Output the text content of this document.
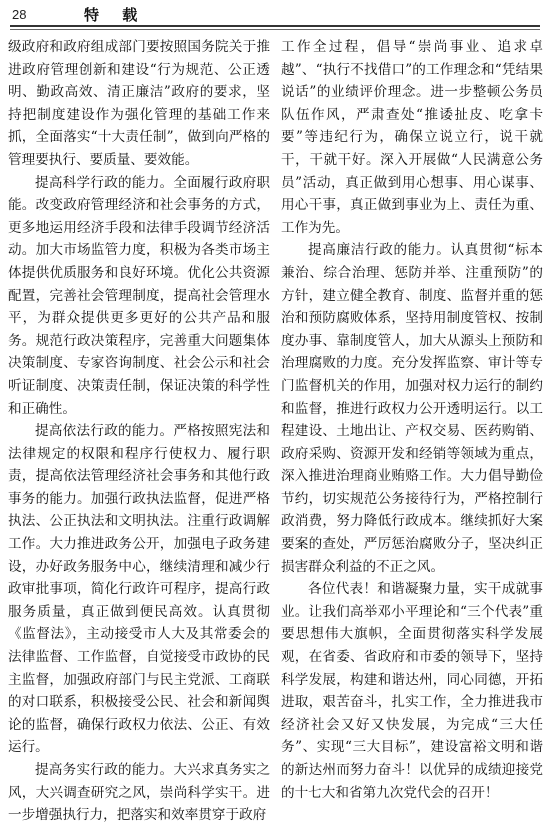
28	特 载

级政府和政府组成部门要按照国务院关于推进政府管理创新和建设“行为规范、公正透明、勤政高效、清正廉洁”政府的要求，坚持把制度建设作为强化管理的基础工作来抓，全面落实“十大责任制”，做到向严格的管理要执行、要质量、要效能。

提高科学行政的能力。全面履行政府职能。改变政府管理经济和社会事务的方式，更多地运用经济手段和法律手段调节经济活动。加大市场监管力度，积极为各类市场主体提供优质服务和良好环境。优化公共资源配置，完善社会管理制度，提高社会管理水平，为群众提供更多更好的公共产品和服务。规范行政决策程序，完善重大问题集体决策制度、专家咨询制度、社会公示和社会听证制度、决策责任制，保证决策的科学性和正确性。

提高依法行政的能力。严格按照宪法和法律规定的权限和程序行使权力、履行职责，提高依法管理经济社会事务和其他行政事务的能力。加强行政执法监督，促进严格执法、公正执法和文明执法。注重行政调解工作。大力推进政务公开，加强电子政务建设，办好政务服务中心，继续清理和减少行政审批事项，简化行政许可程序，提高行政服务质量，真正做到便民高效。认真贯彻《监督法》，主动接受市人大及其常委会的法律监督、工作监督，自觉接受市政协的民主监督，加强政府部门与民主党派、工商联的对口联系，积极接受公民、社会和新闻舆论的监督，确保行政权力依法、公正、有效运行。

提高务实行政的能力。大兴求真务实之风，大兴调查研究之风，崇尚科学实干。进一步增强执行力，把落实和效率贯穿于政府

工作全过程，倡导“崇尚事业、追求卓越”、“执行不找借口”的工作理念和“凭结果说话”的业绩评价理念。进一步整顿公务员队伍作风，严肃查处“推诿扯皮、吃拿卡要”等违纪行为，确保立说立行，说干就干，干就干好。深入开展做“人民满意公务员”活动，真正做到用心想事、用心谋事、用心干事，真正做到事业为上、责任为重、工作为先。

提高廉洁行政的能力。认真贯彻“标本兼治、综合治理、惩防并举、注重预防”的方针，建立健全教育、制度、监督并重的惩治和预防腐败体系，坚持用制度管权、按制度办事、靠制度管人，加大从源头上预防和治理腐败的力度。充分发挥监察、审计等专门监督机关的作用，加强对权力运行的制约和监督，推进行政权力公开透明运行。以工程建设、土地出让、产权交易、医药购销、政府采购、资源开发和经销等领域为重点，深入推进治理商业贿赂工作。大力倡导勤俭节约，切实规范公务接待行为，严格控制行政消费，努力降低行政成本。继续抓好大案要案的查处，严厉惩治腐败分子，坚决纠正损害群众利益的不正之风。

各位代表！和谐凝聚力量，实干成就事业。让我们高举邓小平理论和“三个代表”重要思想伟大旗帜，全面贯彻落实科学发展观，在省委、省政府和市委的领导下，坚持科学发展，构建和谐达州，同心同德，开拓进取，艰苦奋斗，扎实工作，全力推进我市经济社会又好又快发展，为完成“三大任务”、实现“三大目标”，建设富裕文明和谐的新达州而努力奋斗！以优异的成绩迎接党的十七大和省第九次党代会的召开！
